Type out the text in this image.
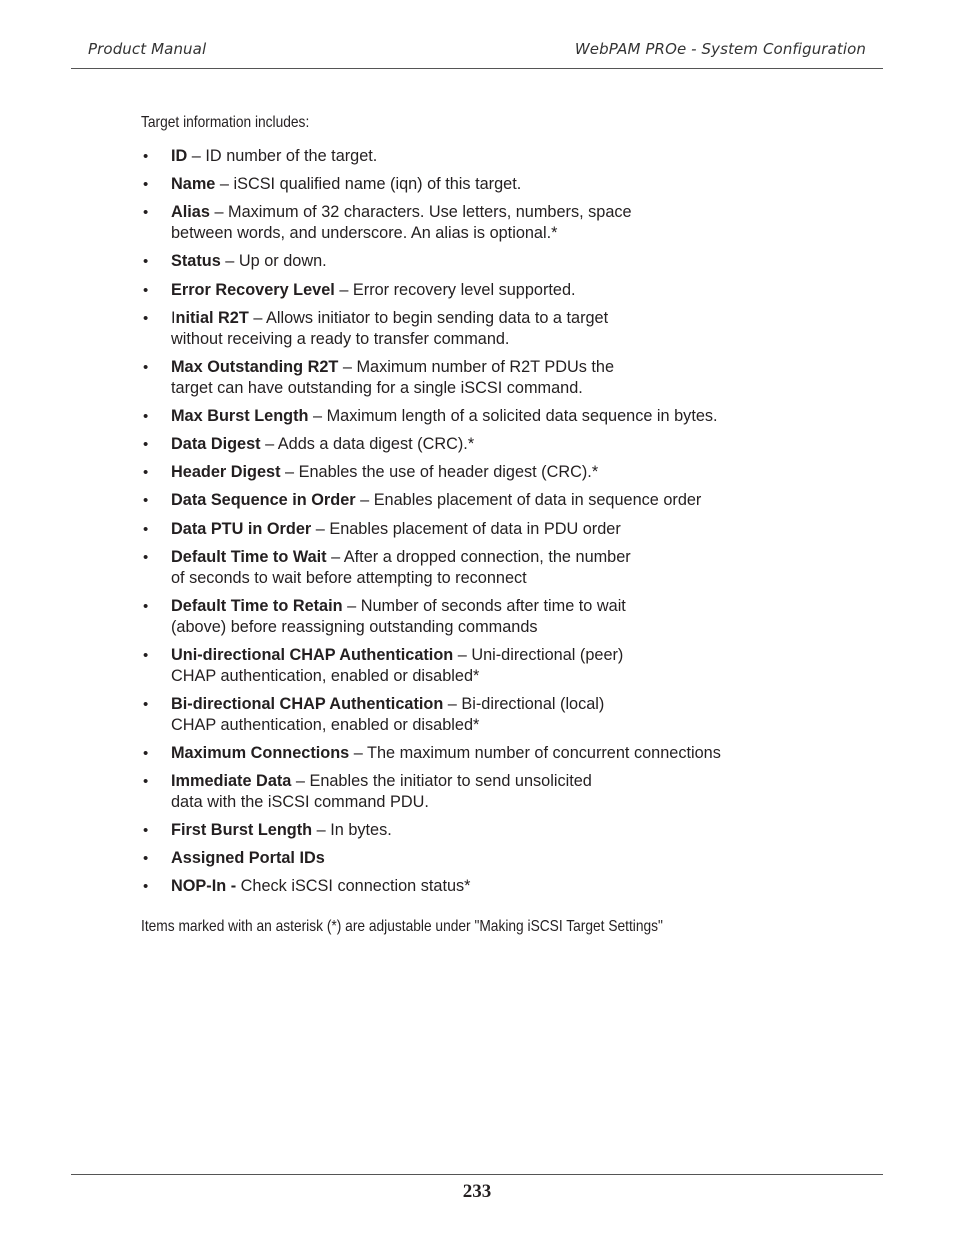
Product Manual	WebPAM PROe - System Configuration
Target information includes:
•	ID – ID number of the target.
•	Name – iSCSI qualified name (iqn) of this target.
•	Alias – Maximum of 32 characters. Use letters, numbers, space
between words, and underscore. An alias is optional.*
•	Status – Up or down.
•	Error Recovery Level – Error recovery level supported.
•	Initial R2T – Allows initiator to begin sending data to a target
without receiving a ready to transfer command.
•	Max Outstanding R2T – Maximum number of R2T PDUs the
target can have outstanding for a single iSCSI command.
•	Max Burst Length – Maximum length of a solicited data sequence in bytes.
•	Data Digest – Adds a data digest (CRC).*
•	Header Digest – Enables the use of header digest (CRC).*
•	Data Sequence in Order – Enables placement of data in sequence order
•	Data PTU in Order – Enables placement of data in PDU order
•	Default Time to Wait – After a dropped connection, the number
of seconds to wait before attempting to reconnect
•	Default Time to Retain – Number of seconds after time to wait
(above) before reassigning outstanding commands
•	Uni-directional CHAP Authentication – Uni-directional (peer)
CHAP authentication, enabled or disabled*
•	Bi-directional CHAP Authentication – Bi-directional (local)
CHAP authentication, enabled or disabled*
•	Maximum Connections – The maximum number of concurrent connections
•	Immediate Data – Enables the initiator to send unsolicited
data with the iSCSI command PDU.
•	First Burst Length – In bytes.
•	Assigned Portal IDs
•	NOP-In - Check iSCSI connection status*
Items marked with an asterisk (*) are adjustable under "Making iSCSI Target Settings"
233
